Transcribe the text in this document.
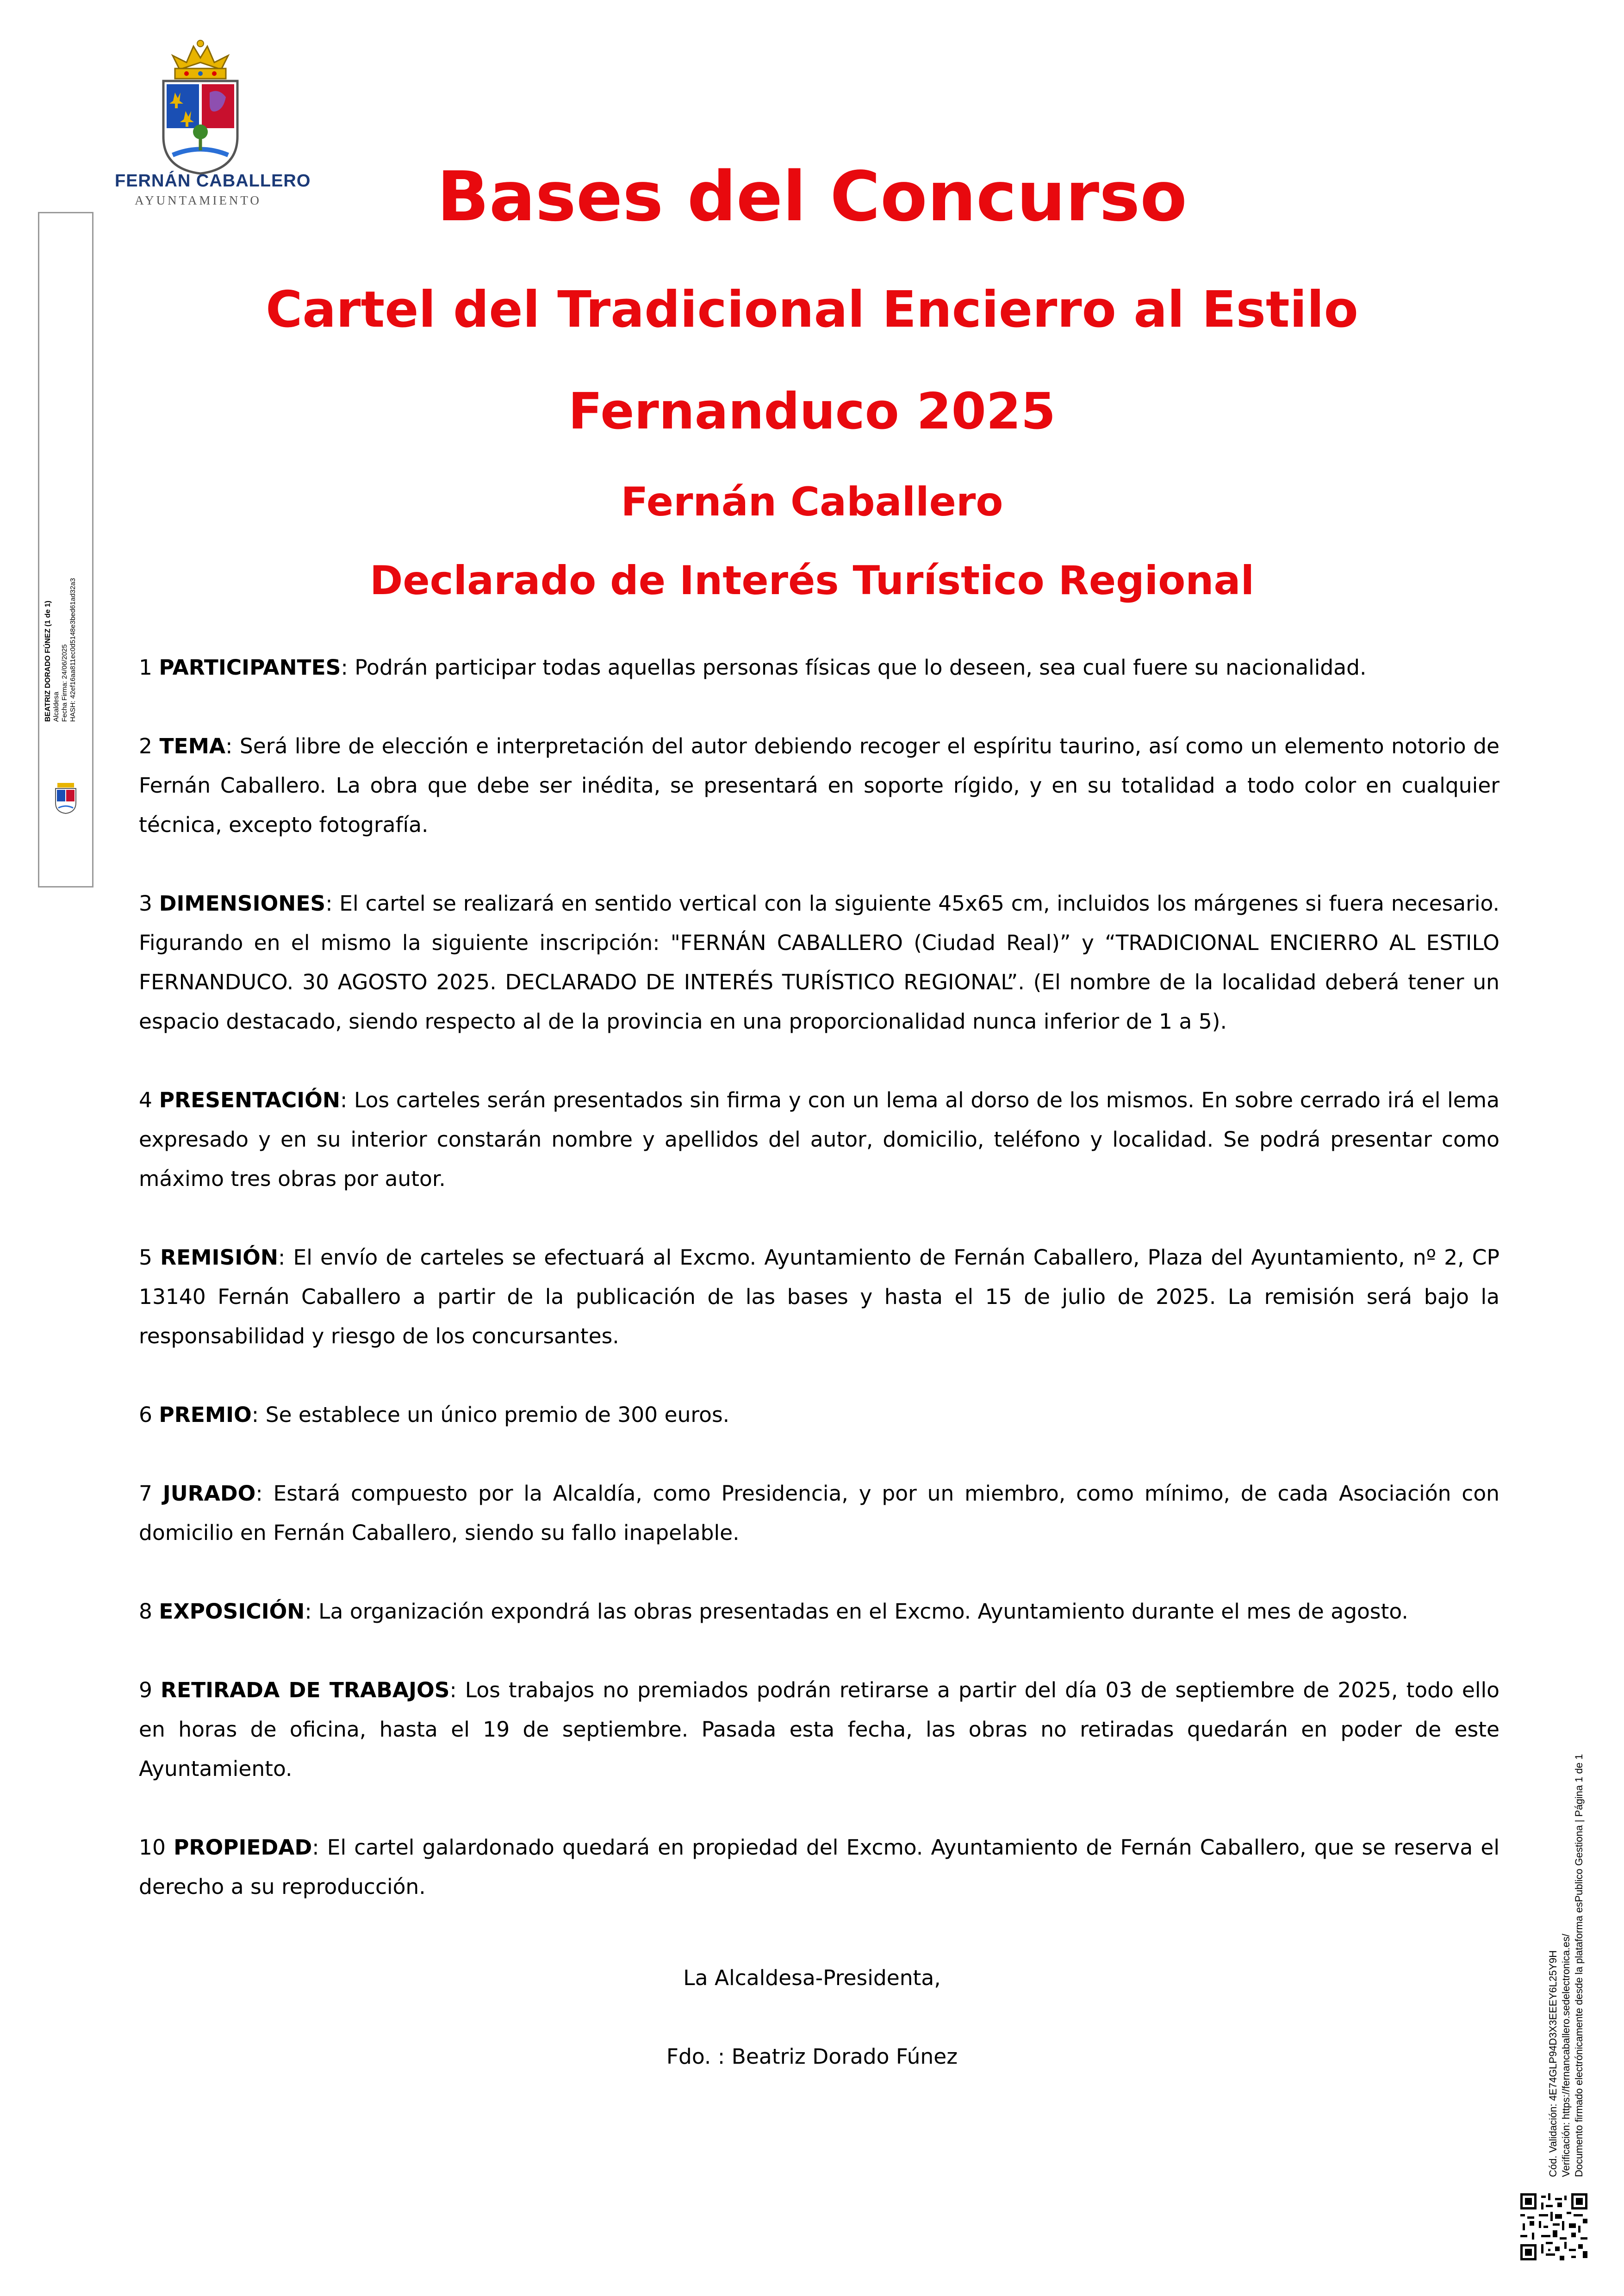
FERNÁN CABALLERO
AYUNTAMIENTO
BEATRIZ DORADO FÚNEZ (1 de 1) Alcaldesa Fecha Firma: 24/06/2025 HASH: 42ef16aa811ec0d5148e3bed61ad32a3
Bases del Concurso
Cartel del Tradicional Encierro al Estilo
Fernanduco 2025
Fernán Caballero
Declarado de Interés Turístico Regional

1 PARTICIPANTES: Podrán participar todas aquellas personas físicas que lo deseen, sea cual fuere su nacionalidad.

2 TEMA: Será libre de elección e interpretación del autor debiendo recoger el espíritu taurino, así como un elemento notorio de Fernán Caballero. La obra que debe ser inédita, se presentará en soporte rígido, y en su totalidad a todo color en cualquier técnica, excepto fotografía.

3 DIMENSIONES: El cartel se realizará en sentido vertical con la siguiente 45x65 cm, incluidos los márgenes si fuera necesario. Figurando en el mismo la siguiente inscripción: "FERNÁN CABALLERO (Ciudad Real)” y “TRADICIONAL ENCIERRO AL ESTILO FERNANDUCO. 30 AGOSTO 2025. DECLARADO DE INTERÉS TURÍSTICO REGIONAL”. (El nombre de la localidad deberá tener un espacio destacado, siendo respecto al de la provincia en una proporcionalidad nunca inferior de 1 a 5).

4 PRESENTACIÓN: Los carteles serán presentados sin firma y con un lema al dorso de los mismos. En sobre cerrado irá el lema expresado y en su interior constarán nombre y apellidos del autor, domicilio, teléfono y localidad. Se podrá presentar como máximo tres obras por autor.

5 REMISIÓN: El envío de carteles se efectuará al Excmo. Ayuntamiento de Fernán Caballero, Plaza del Ayuntamiento, nº 2, CP 13140 Fernán Caballero a partir de la publicación de las bases y hasta el 15 de julio de 2025. La remisión será bajo la responsabilidad y riesgo de los concursantes.

6 PREMIO: Se establece un único premio de 300 euros.

7 JURADO: Estará compuesto por la Alcaldía, como Presidencia, y por un miembro, como mínimo, de cada Asociación con domicilio en Fernán Caballero, siendo su fallo inapelable.

8 EXPOSICIÓN: La organización expondrá las obras presentadas en el Excmo. Ayuntamiento durante el mes de agosto.

9 RETIRADA DE TRABAJOS: Los trabajos no premiados podrán retirarse a partir del día 03 de septiembre de 2025, todo ello en horas de oficina, hasta el 19 de septiembre. Pasada esta fecha, las obras no retiradas quedarán en poder de este Ayuntamiento.

10 PROPIEDAD: El cartel galardonado quedará en propiedad del Excmo. Ayuntamiento de Fernán Caballero, que se reserva el derecho a su reproducción.

La Alcaldesa-Presidenta,
Fdo. : Beatriz Dorado Fúnez	Cód. Validación: 4E74GLP94D3X3EEEY6L25Y9H Verificación: https://fernancaballero.sedelectronica.es/ Documento firmado electrónicamente desde la plataforma esPublico Gestiona | Página 1 de 1
